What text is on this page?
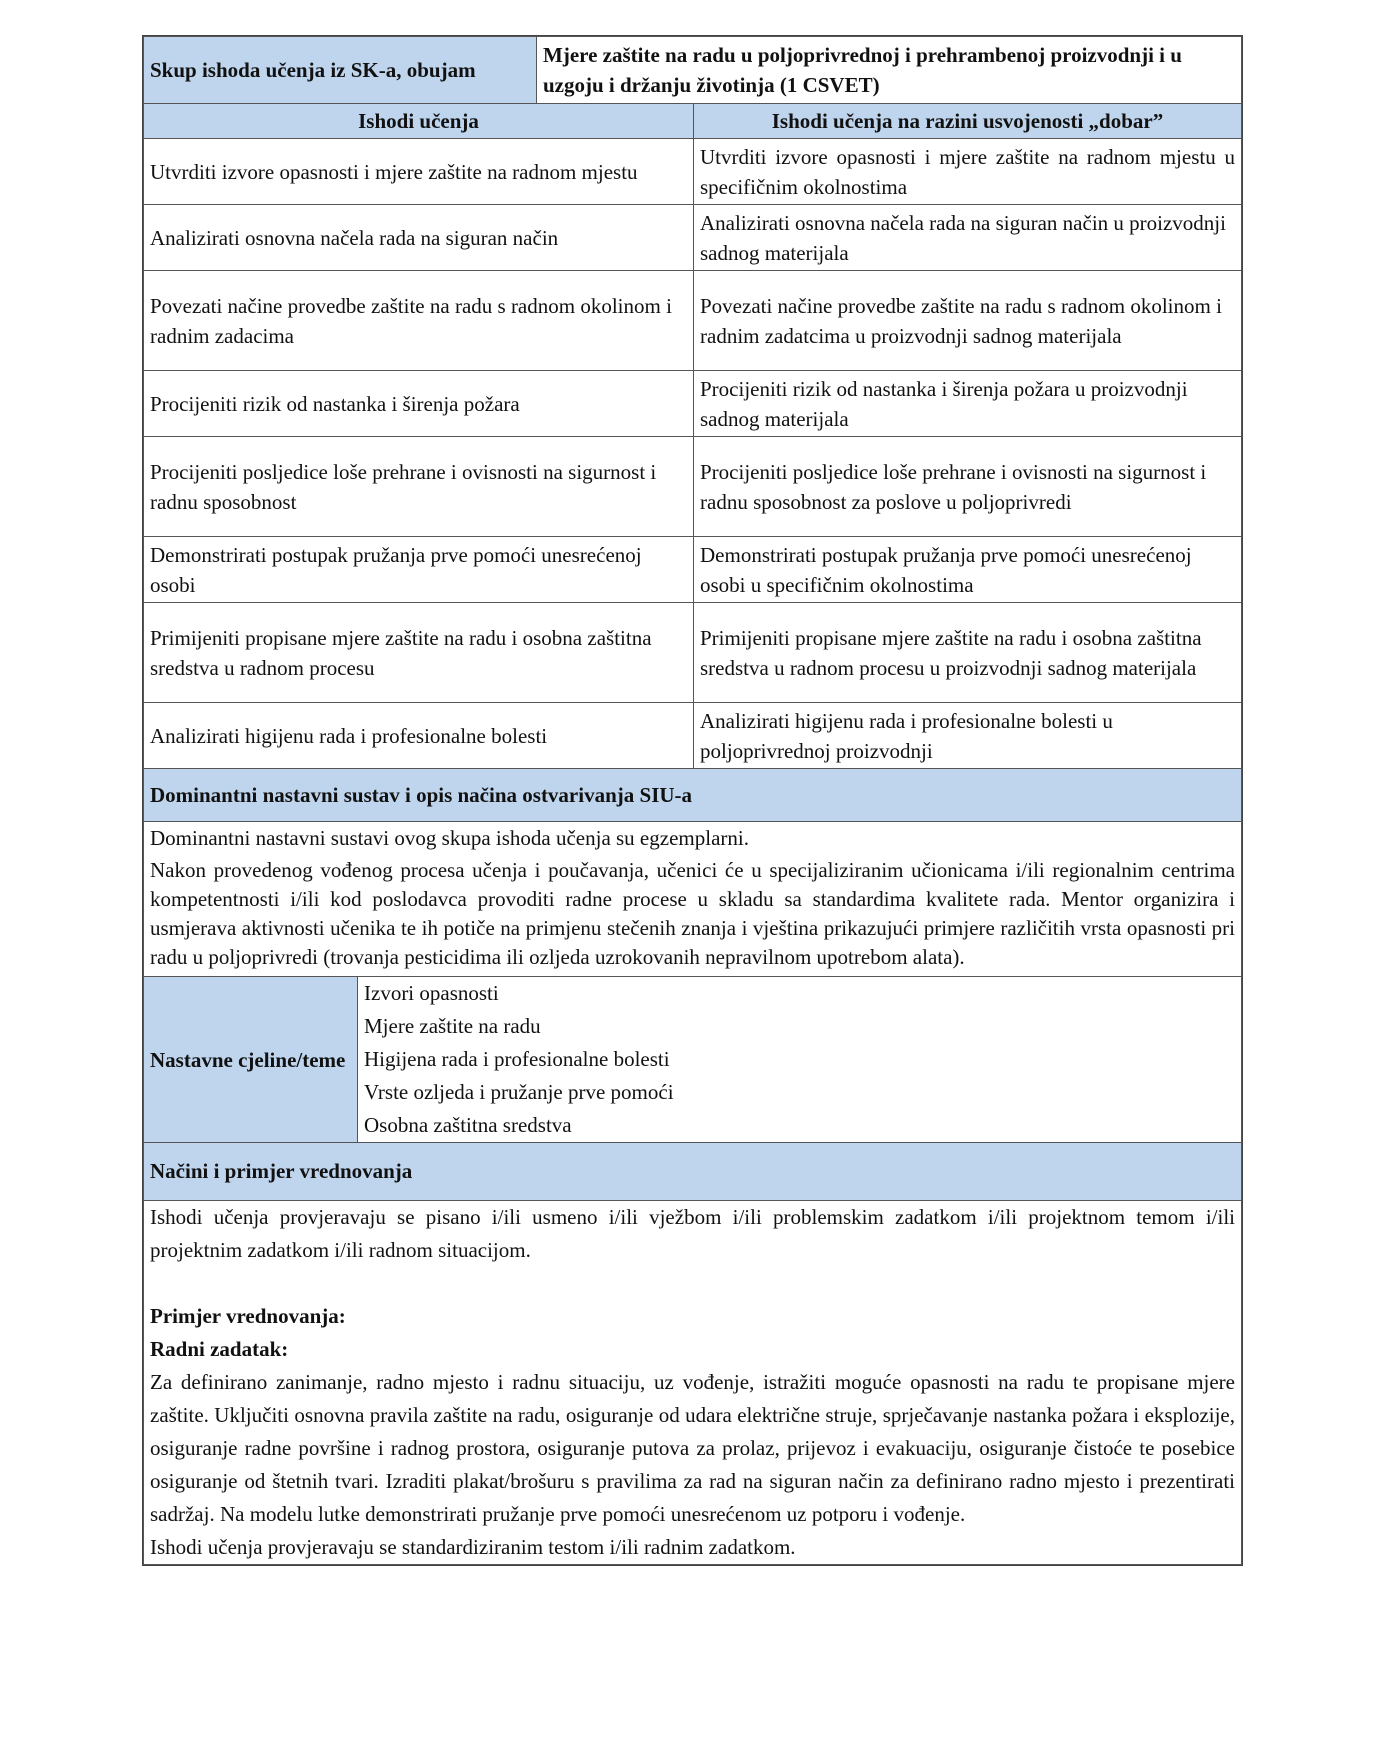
Skup ishoda učenja iz SK-a, obujam	Mjere zaštite na radu u poljoprivrednoj i prehrambenoj proizvodnji i u uzgoju i držanju životinja (1 CSVET)
Ishodi učenja	Ishodi učenja na razini usvojenosti „dobar”
Utvrditi izvore opasnosti i mjere zaštite na radnom mjestu	Utvrditi izvore opasnosti i mjere zaštite na radnom mjestu u specifičnim okolnostima
Analizirati osnovna načela rada na siguran način	Analizirati osnovna načela rada na siguran način u proizvodnji sadnog materijala
Povezati načine provedbe zaštite na radu s radnom okolinom i radnim zadacima	Povezati načine provedbe zaštite na radu s radnom okolinom i radnim zadatcima u proizvodnji sadnog materijala
Procijeniti rizik od nastanka i širenja požara	Procijeniti rizik od nastanka i širenja požara u proizvodnji sadnog materijala
Procijeniti posljedice loše prehrane i ovisnosti na sigurnost i radnu sposobnost	Procijeniti posljedice loše prehrane i ovisnosti na sigurnost i radnu sposobnost za poslove u poljoprivredi
Demonstrirati postupak pružanja prve pomoći unesrećenoj osobi	Demonstrirati postupak pružanja prve pomoći unesrećenoj osobi u specifičnim okolnostima
Primijeniti propisane mjere zaštite na radu i osobna zaštitna sredstva u radnom procesu	Primijeniti propisane mjere zaštite na radu i osobna zaštitna sredstva u radnom procesu u proizvodnji sadnog materijala
Analizirati higijenu rada i profesionalne bolesti	Analizirati higijenu rada i profesionalne bolesti u poljoprivrednoj proizvodnji
Dominantni nastavni sustav i opis načina ostvarivanja SIU-a

Dominantni nastavni sustavi ovog skupa ishoda učenja su egzemplarni.

Nakon provedenog vođenog procesa učenja i poučavanja, učenici će u specijaliziranim učionicama i/ili regionalnim centrima kompetentnosti i/ili kod poslodavca provoditi radne procese u skladu sa standardima kvalitete rada. Mentor organizira i usmjerava aktivnosti učenika te ih potiče na primjenu stečenih znanja i vještina prikazujući primjere različitih vrsta opasnosti pri radu u poljoprivredi (trovanja pesticidima ili ozljeda uzrokovanih nepravilnom upotrebom alata).

Nastavne cjeline/teme	
Izvori opasnosti
Mjere zaštite na radu
Higijena rada i profesionalne bolesti
Vrste ozljeda i pružanje prve pomoći
Osobna zaštitna sredstva
Načini i primjer vrednovanja

Ishodi učenja provjeravaju se pisano i/ili usmeno i/ili vježbom i/ili problemskim zadatkom i/ili projektnom temom i/ili projektnim zadatkom i/ili radnom situacijom.

Primjer vrednovanja:

Radni zadatak:

Za definirano zanimanje, radno mjesto i radnu situaciju, uz vođenje, istražiti moguće opasnosti na radu te propisane mjere zaštite. Uključiti osnovna pravila zaštite na radu, osiguranje od udara električne struje, sprječavanje nastanka požara i eksplozije, osiguranje radne površine i radnog prostora, osiguranje putova za prolaz, prijevoz i evakuaciju, osiguranje čistoće te posebice osiguranje od štetnih tvari. Izraditi plakat/brošuru s pravilima za rad na siguran način za definirano radno mjesto i prezentirati sadržaj. Na modelu lutke demonstrirati pružanje prve pomoći unesrećenom uz potporu i vođenje.

Ishodi učenja provjeravaju se standardiziranim testom i/ili radnim zadatkom.
